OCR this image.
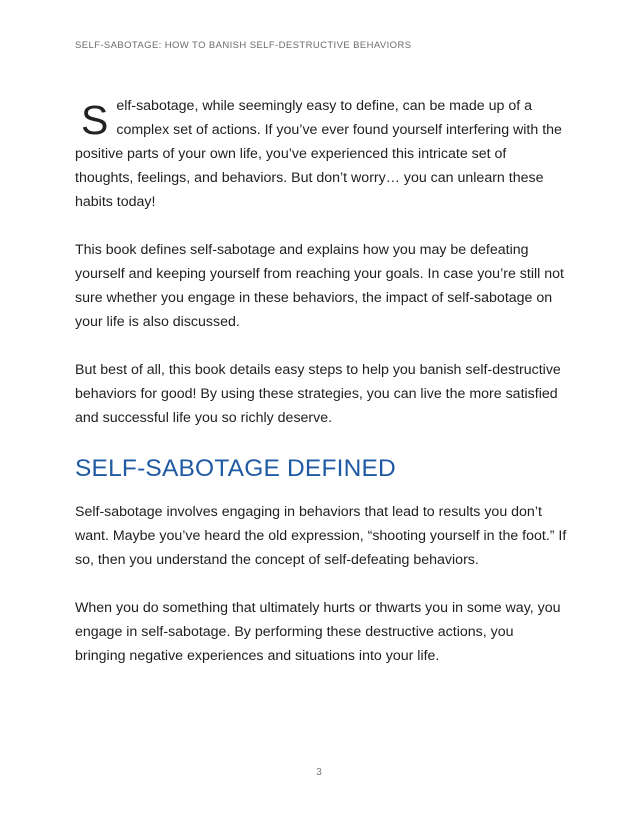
SELF-SABOTAGE: HOW TO BANISH SELF-DESTRUCTIVE BEHAVIORS

Self-sabotage, while seemingly easy to define, can be made up of a complex set of actions. If you’ve ever found yourself interfering with the positive parts of your own life, you’ve experienced this intricate set of thoughts, feelings, and behaviors. But don’t worry… you can unlearn these habits today!

This book defines self-sabotage and explains how you may be defeating yourself and keeping yourself from reaching your goals. In case you’re still not sure whether you engage in these behaviors, the impact of self-sabotage on your life is also discussed.

But best of all, this book details easy steps to help you banish self-destructive behaviors for good! By using these strategies, you can live the more satisfied and successful life you so richly deserve.

SELF-SABOTAGE DEFINED

Self-sabotage involves engaging in behaviors that lead to results you don’t want. Maybe you’ve heard the old expression, “shooting yourself in the foot.” If so, then you understand the concept of self-defeating behaviors.

When you do something that ultimately hurts or thwarts you in some way, you engage in self-sabotage. By performing these destructive actions, you bringing negative experiences and situations into your life.

3
